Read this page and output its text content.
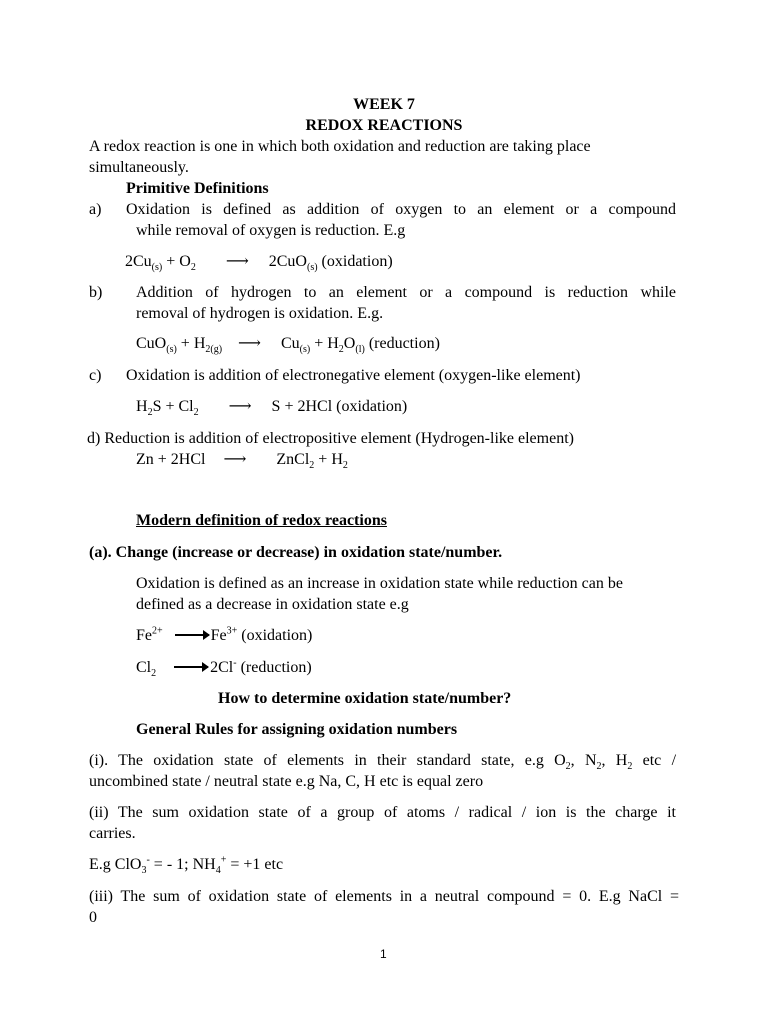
WEEK 7
REDOX REACTIONS
A redox reaction is one in which both oxidation and reduction are taking place
simultaneously.
Primitive Definitions
a) Oxidation is defined as addition of oxygen to an element or a compound
while removal of oxygen is reduction. E.g
$2Cu_{(s)} + O_2$ ⟶ 2CuO$_{(s)}$ (oxidation)
b) Addition of hydrogen to an element or a compound is reduction while
removal of hydrogen is oxidation. E.g.
$CuO_{(s)} + H_{2(g)}$ ⟶ $Cu_{(s)} + H_2O_{(l)}$ (reduction)
c) Oxidation is addition of electronegative element (oxygen-like element)
$H_2S + Cl_2$ ⟶ S + 2HCl (oxidation)
d) Reduction is addition of electropositive element (Hydrogen-like element)
Zn + 2HCl ⟶ ZnCl$_2$ + $H_2$
Modern definition of redox reactions
(a). Change (increase or decrease) in oxidation state/number.
Oxidation is defined as an increase in oxidation state while reduction can be
defined as a decrease in oxidation state e.g
$Fe^{2+} \to Fe^{3+}$ (oxidation)
$Cl_2 \to 2Cl^-$ (reduction)
How to determine oxidation state/number?
General Rules for assigning oxidation numbers
(i). The oxidation state of elements in their standard state, e.g $O_2$, $N_2$, $H_2$ etc /
uncombined state / neutral state e.g Na, C, H etc is equal zero
(ii) The sum oxidation state of a group of atoms / radical / ion is the charge it
carries.
E.g ClO$_3$- = - 1; $NH_4^+ = +1$ etc
(iii) The sum of oxidation state of elements in a neutral compound = 0. E.g NaCl =
0
1
